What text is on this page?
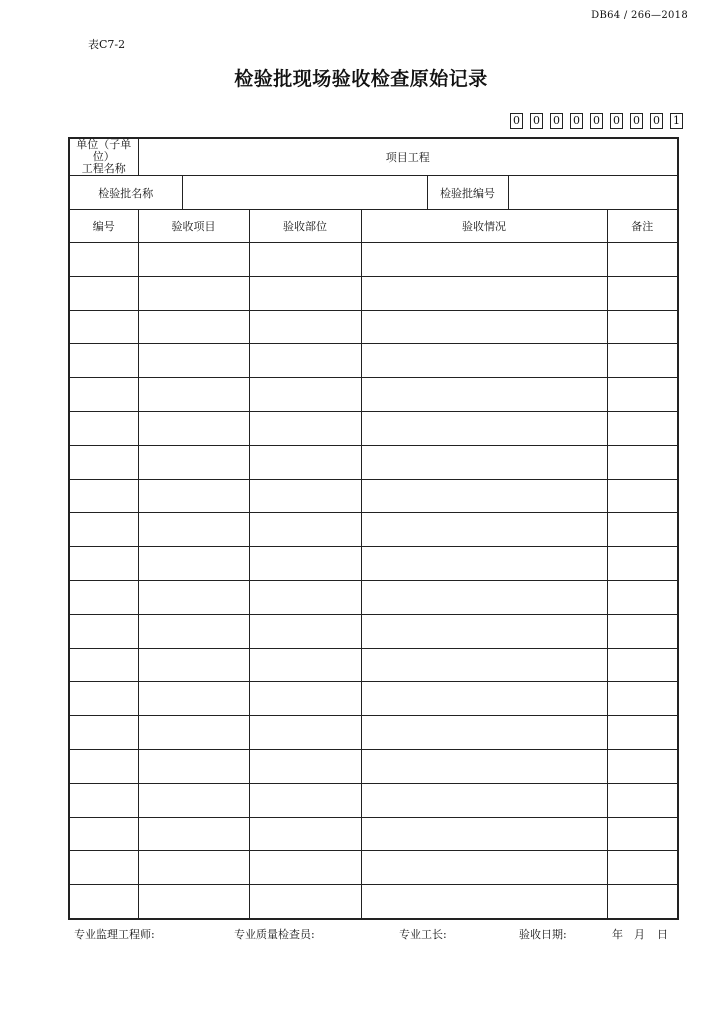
DB64 / 266—2018
表C7-2
检验批现场验收检查原始记录
0 0 0 0 0 0 0 0 1
单位（子单位）
工程名称	项目工程						
检验批名称					检验批编号		
编号	验收项目		验收部位	验收情况			备注

专业监理工程师:	专业质量检查员:	专业工长:	验收日期:	年	月	日
